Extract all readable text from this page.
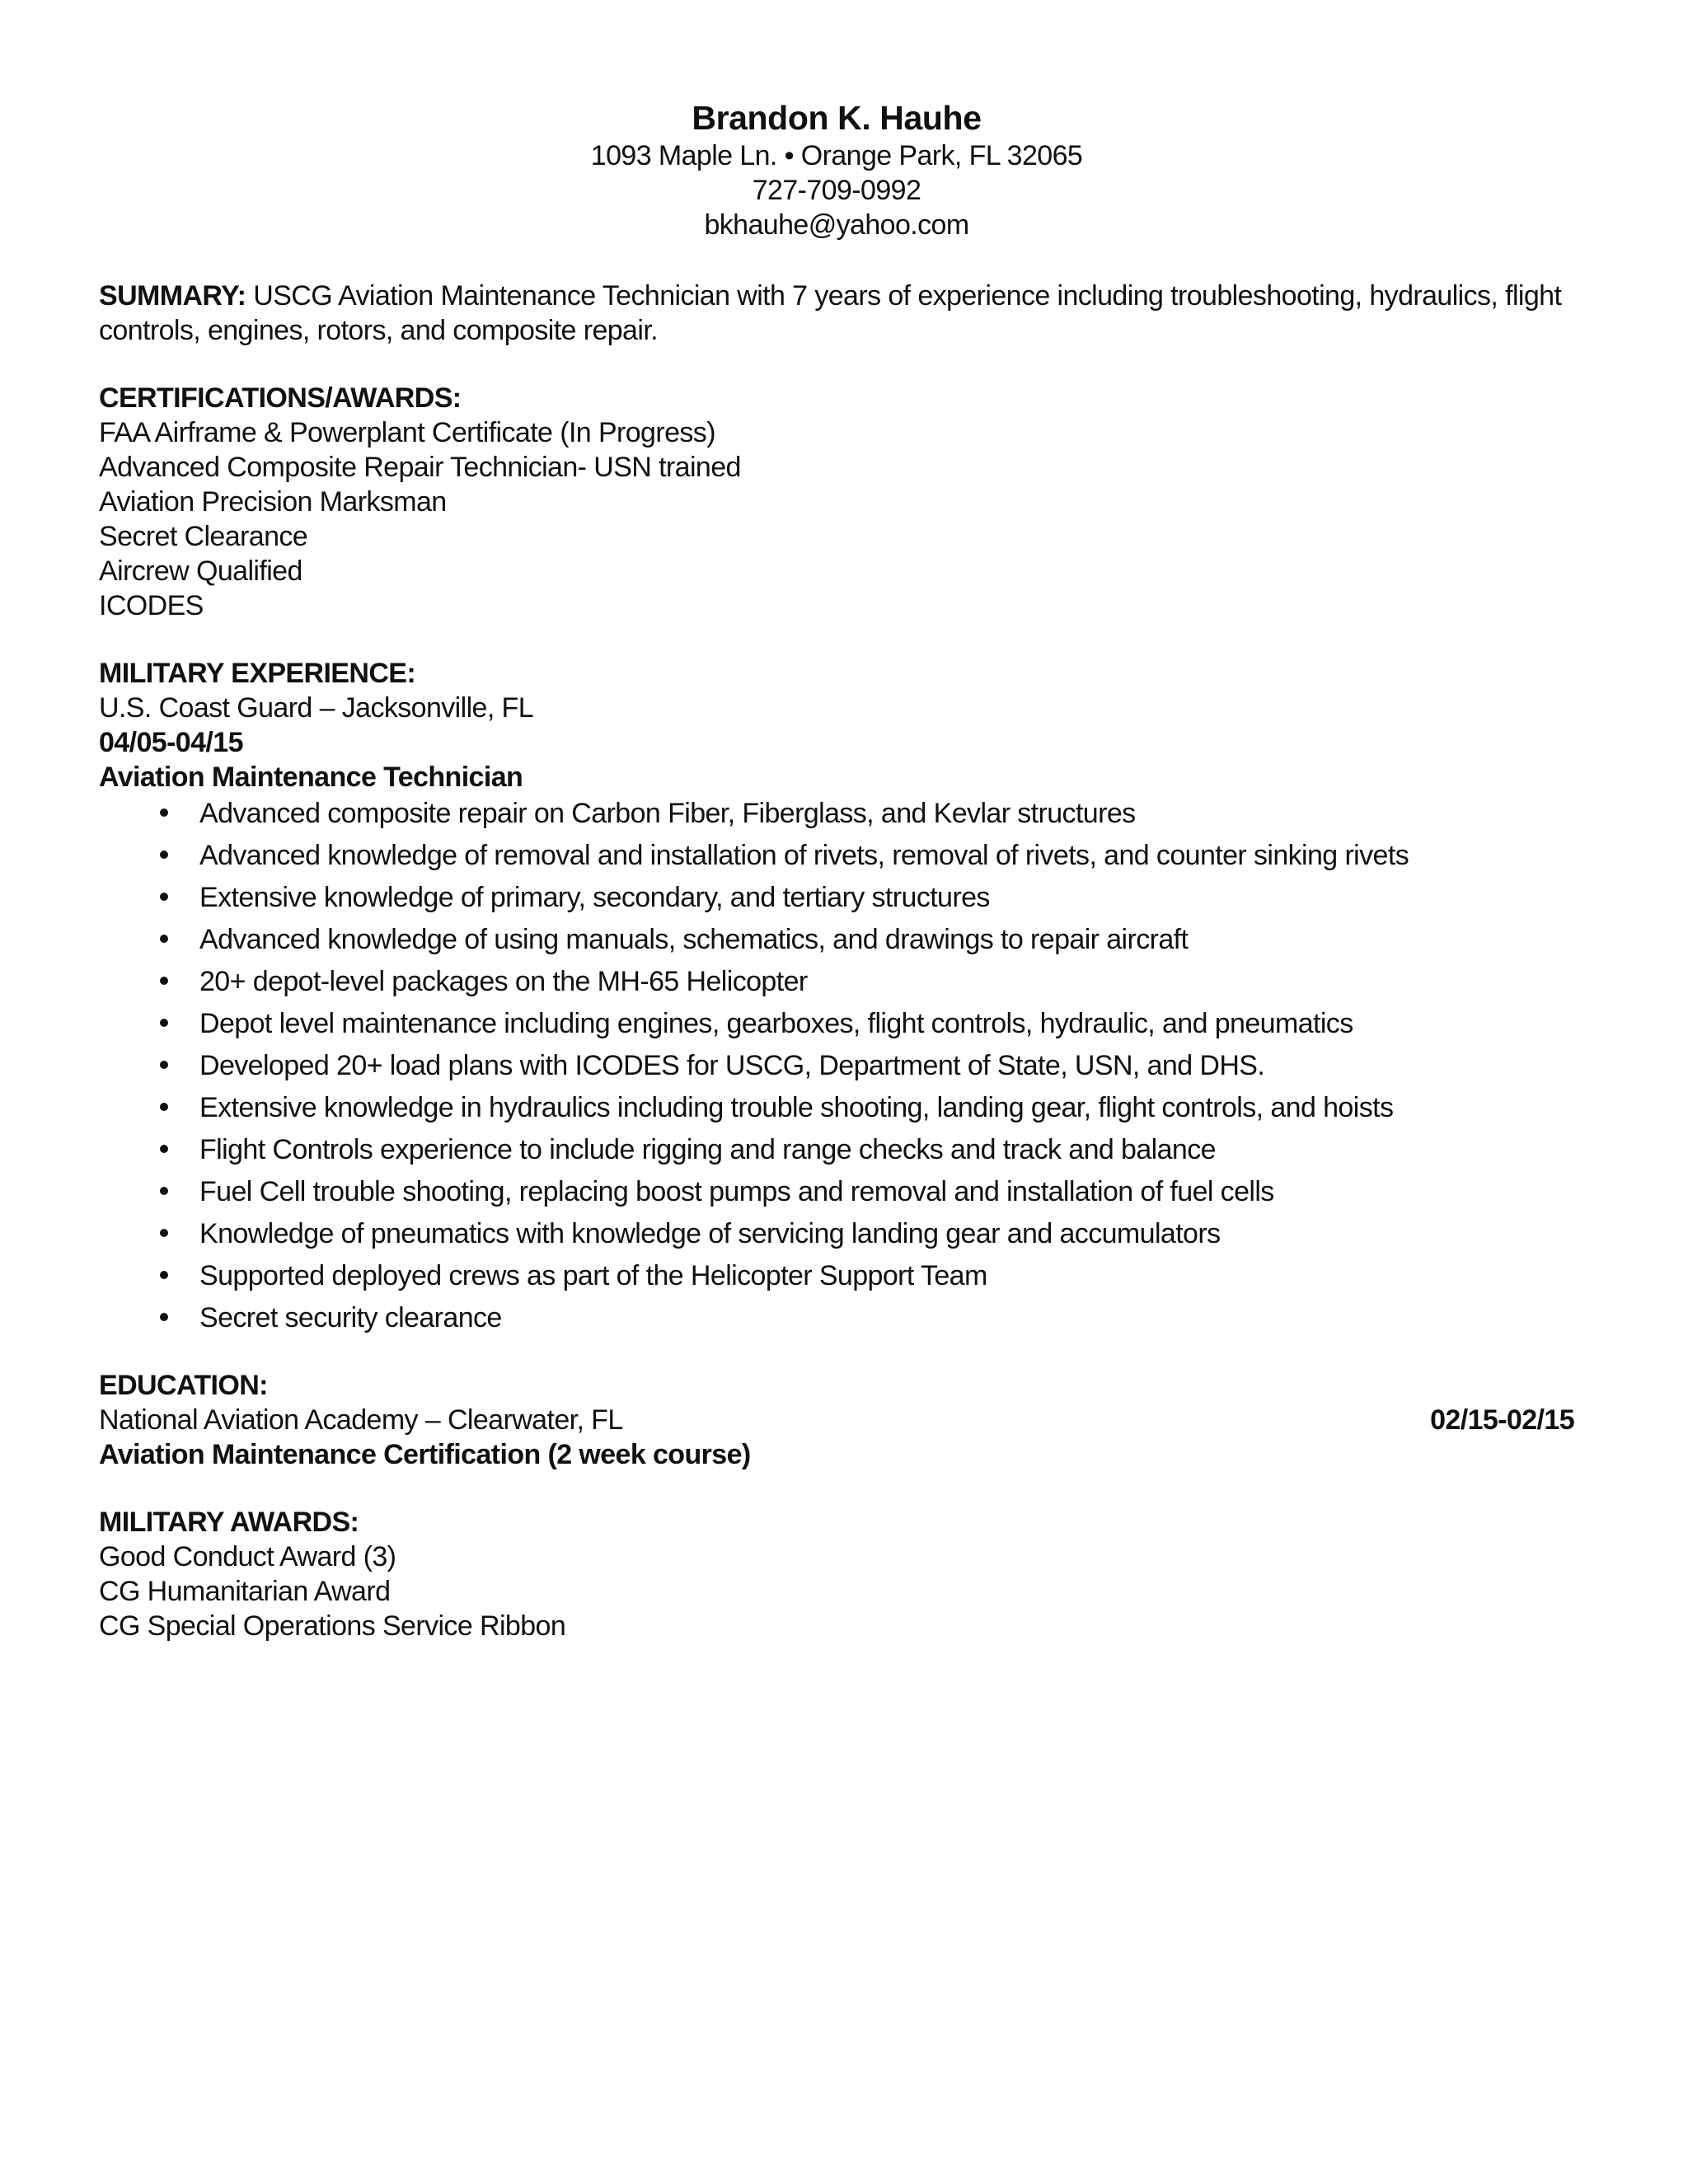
Brandon K. Hauhe
1093 Maple Ln. • Orange Park, FL 32065
727-709-0992
bkhauhe@yahoo.com
SUMMARY: USCG Aviation Maintenance Technician with 7 years of experience including troubleshooting, hydraulics, flight controls, engines, rotors, and composite repair.
CERTIFICATIONS/AWARDS:
FAA Airframe & Powerplant Certificate (In Progress)
Advanced Composite Repair Technician- USN trained
Aviation Precision Marksman
Secret Clearance
Aircrew Qualified
ICODES
MILITARY EXPERIENCE:
U.S. Coast Guard – Jacksonville, FL
04/05-04/15
Aviation Maintenance Technician
Advanced composite repair on Carbon Fiber, Fiberglass, and Kevlar structures
Advanced knowledge of removal and installation of rivets, removal of rivets, and counter sinking rivets
Extensive knowledge of primary, secondary, and tertiary structures
Advanced knowledge of using manuals, schematics, and drawings to repair aircraft
20+ depot-level packages on the MH-65 Helicopter
Depot level maintenance including engines, gearboxes, flight controls, hydraulic, and pneumatics
Developed 20+ load plans with ICODES for USCG, Department of State, USN, and DHS.
Extensive knowledge in hydraulics including trouble shooting, landing gear, flight controls, and hoists
Flight Controls experience to include rigging and range checks and track and balance
Fuel Cell trouble shooting, replacing boost pumps and removal and installation of fuel cells
Knowledge of pneumatics with knowledge of servicing landing gear and accumulators
Supported deployed crews as part of the Helicopter Support Team
Secret security clearance
EDUCATION:
National Aviation Academy – Clearwater, FL	02/15-02/15
Aviation Maintenance Certification (2 week course)
MILITARY AWARDS:
Good Conduct Award (3)
CG Humanitarian Award
CG Special Operations Service Ribbon
